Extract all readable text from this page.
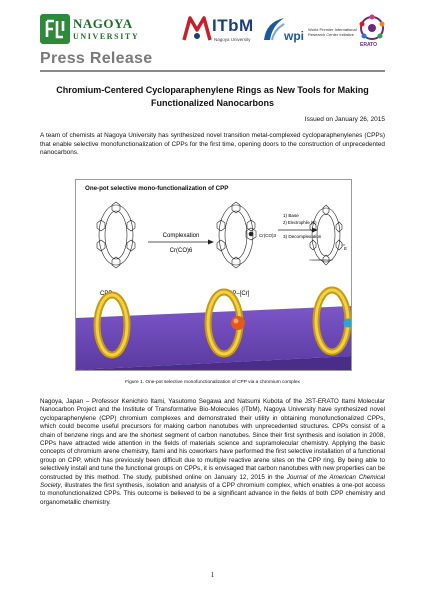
NAGOYA
UNIVERSITY
ITbM
Nagoya University	wpi World Premier International Research Center Initiative
ERATO
Press Release
Chromium-Centered Cycloparaphenylene Rings as New Tools for Making Functionalized Nanocarbons
Issued on January 26, 2015
A team of chemists at Nagoya University has synthesized novel transition metal-complexed cycloparaphenylenes (CPPs) that enable selective monofunctionalization of CPPs for the first time, opening doors to the construction of unprecedented nanocarbons.
Complexation
Cr(CO)6
Cr(CO)3
1) Base
2) Electrophile (E)
3) Decomplexation
E
CPP	CPP–[Cr]
One-pot selective mono-functionalization of CPP
Figure 1. One-pot selective monofunctionalization of CPP via a chromium complex
Nagoya, Japan – Professor Kenichiro Itami, Yasutomo Segawa and Natsumi Kubota of the JST-ERATO Itami Molecular Nanocarbon Project and the Institute of Transformative Bio-Molecules (ITbM), Nagoya University have synthesized novel cycloparaphenylene (CPP) chromium complexes and demonstrated their utility in obtaining monofunctionalized CPPs, which could become useful precursors for making carbon nanotubes with unprecedented structures. CPPs consist of a chain of benzene rings and are the shortest segment of carbon nanotubes. Since their first synthesis and isolation in 2008, CPPs have attracted wide attention in the fields of materials science and supramolecular chemistry. Applying the basic concepts of chromium arene chemistry, Itami and his coworkers have performed the first selective installation of a functional group on CPP, which has previously been difficult due to multiple reactive arene sites on the CPP ring. By being able to selectively install and tune the functional groups on CPPs, it is envisaged that carbon nanotubes with new properties can be constructed by this method. The study, published online on January 12, 2015 in the Journal of the American Chemical Society, illustrates the first synthesis, isolation and analysis of a CPP chromium complex, which enables a one-pot access to monofunctionalized CPPs. This outcome is believed to be a significant advance in the fields of both CPP chemistry and organometallic chemistry.
1
